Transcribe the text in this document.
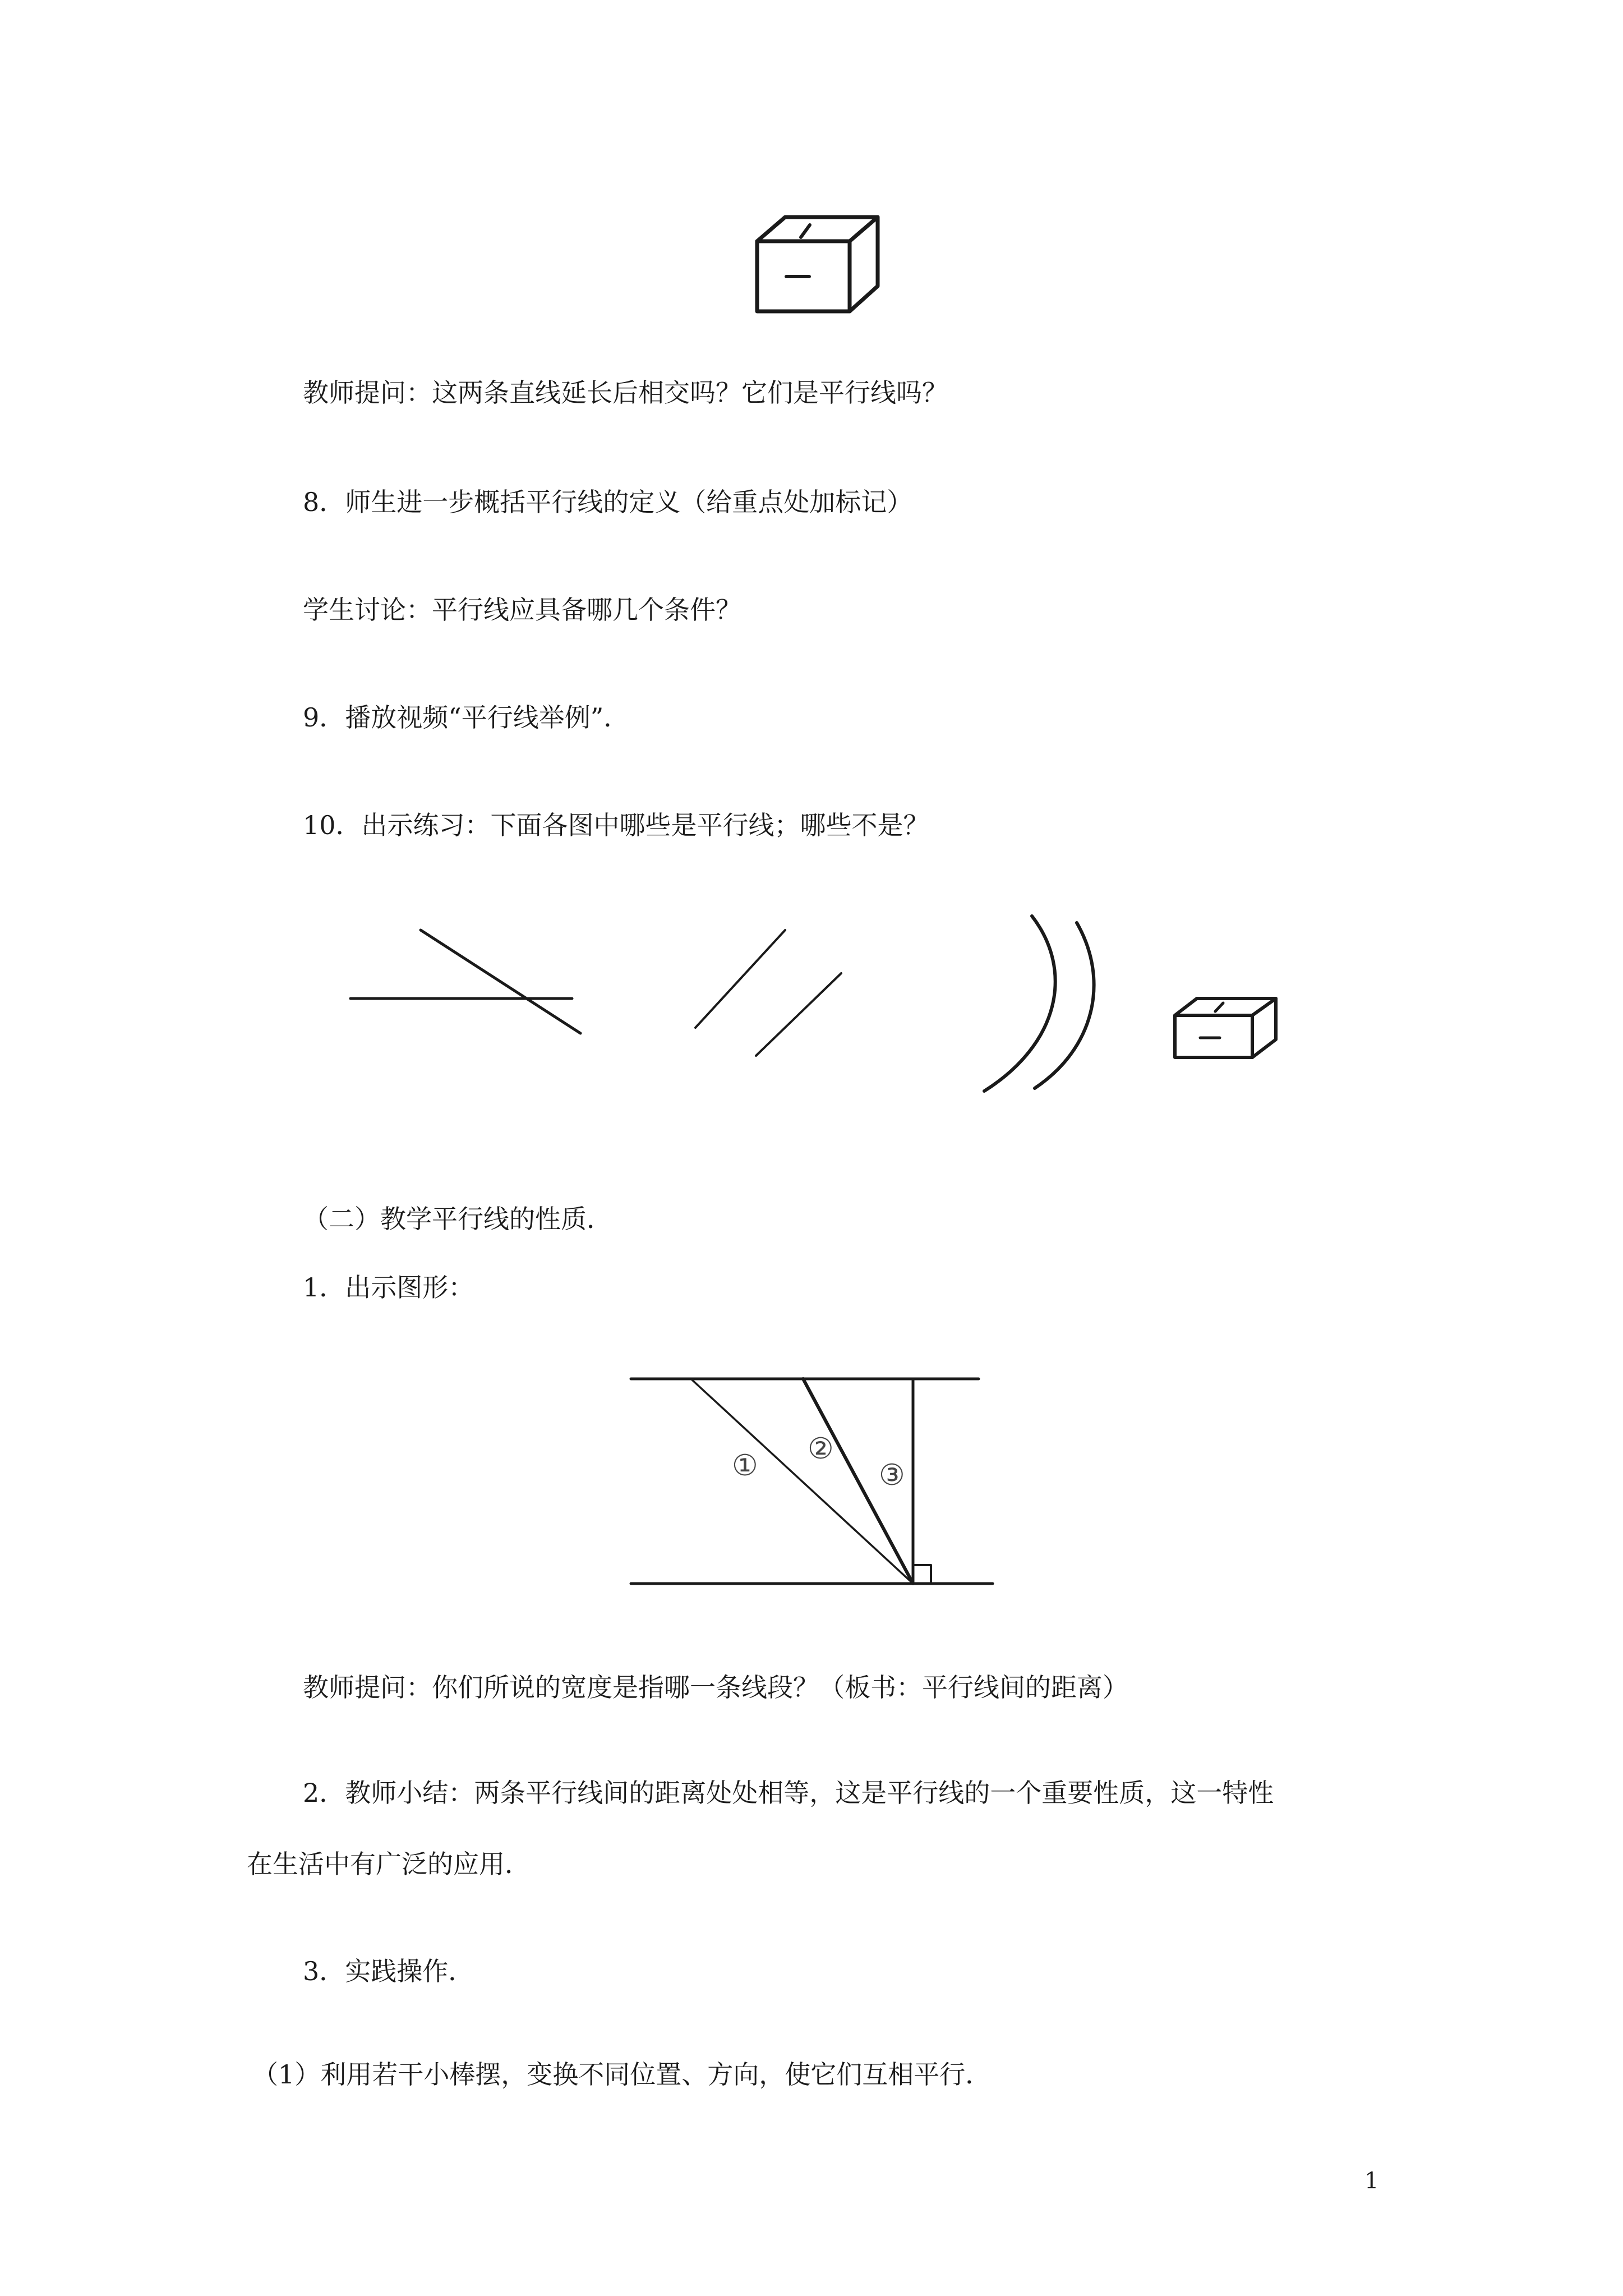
教师提问：这两条直线延长后相交吗？它们是平行线吗？
8．师生进一步概括平行线的定义（给重点处加标记）
学生讨论：平行线应具备哪几个条件？
9．播放视频“平行线举例”．
10．出示练习：下面各图中哪些是平行线；哪些不是？
（二）教学平行线的性质．
1．出示图形：
① ②
③
教师提问：你们所说的宽度是指哪一条线段？（板书：平行线间的距离）
2．教师小结：两条平行线间的距离处处相等，这是平行线的一个重要性质，这一特性
在生活中有广泛的应用．
3．实践操作．
（1）利用若干小棒摆，变换不同位置、方向，使它们互相平行．
1
